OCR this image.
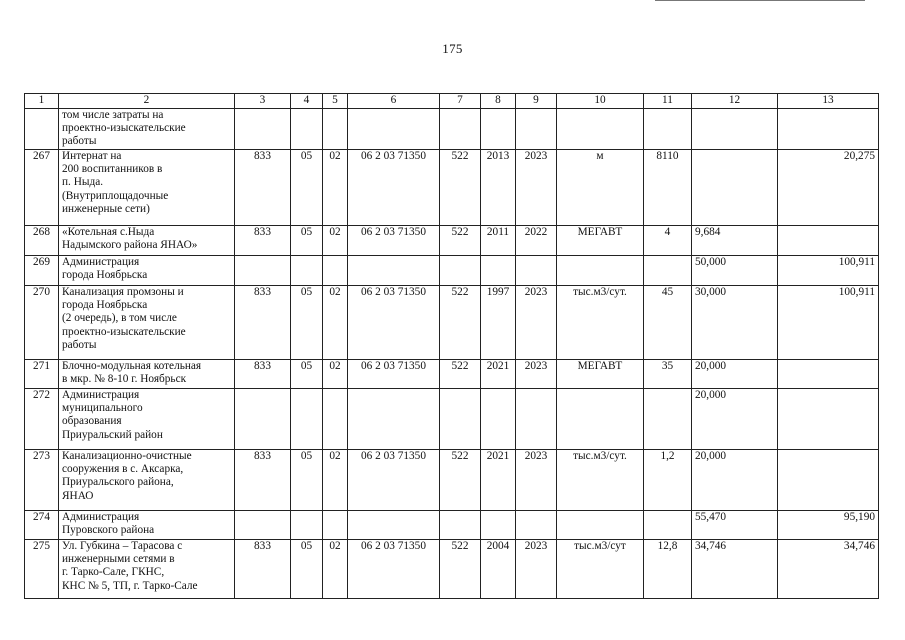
175
1	2	3	4	5	6	7	8	9	10	11	12	13
	том числе затраты на
проектно-изыскательские
работы											
267	Интернат на
200 воспитанников в
п. Ныда.
(Внутриплощадочные
инженерные сети)	833	05	02	06 2 03 71350	522	2013	2023	м	8110		20,275
268	«Котельная с.Ныда
Надымского района ЯНАО»	833	05	02	06 2 03 71350	522	2011	2022	МЕГАВТ	4	9,684	
269	Администрация
города Ноябрьска										50,000	100,911
270	Канализация промзоны и
города Ноябрьска
(2 очередь), в том числе
проектно-изыскательские
работы	833	05	02	06 2 03 71350	522	1997	2023	тыс.м3/сут.	45	30,000	100,911
271	Блочно-модульная котельная
в мкр. № 8-10 г. Ноябрьск	833	05	02	06 2 03 71350	522	2021	2023	МЕГАВТ	35	20,000	
272	Администрация
муниципального
образования
Приуральский район										20,000	
273	Канализационно-очистные
сооружения в с. Аксарка,
Приуральского района,
ЯНАО	833	05	02	06 2 03 71350	522	2021	2023	тыс.м3/сут.	1,2	20,000	
274	Администрация
Пуровского района										55,470	95,190
275	Ул. Губкина – Тарасова с
инженерными сетями в
г. Тарко-Сале, ГКНС,
КНС № 5, ТП, г. Тарко-Сале	833	05	02	06 2 03 71350	522	2004	2023	тыс.м3/сут	12,8	34,746	34,746
